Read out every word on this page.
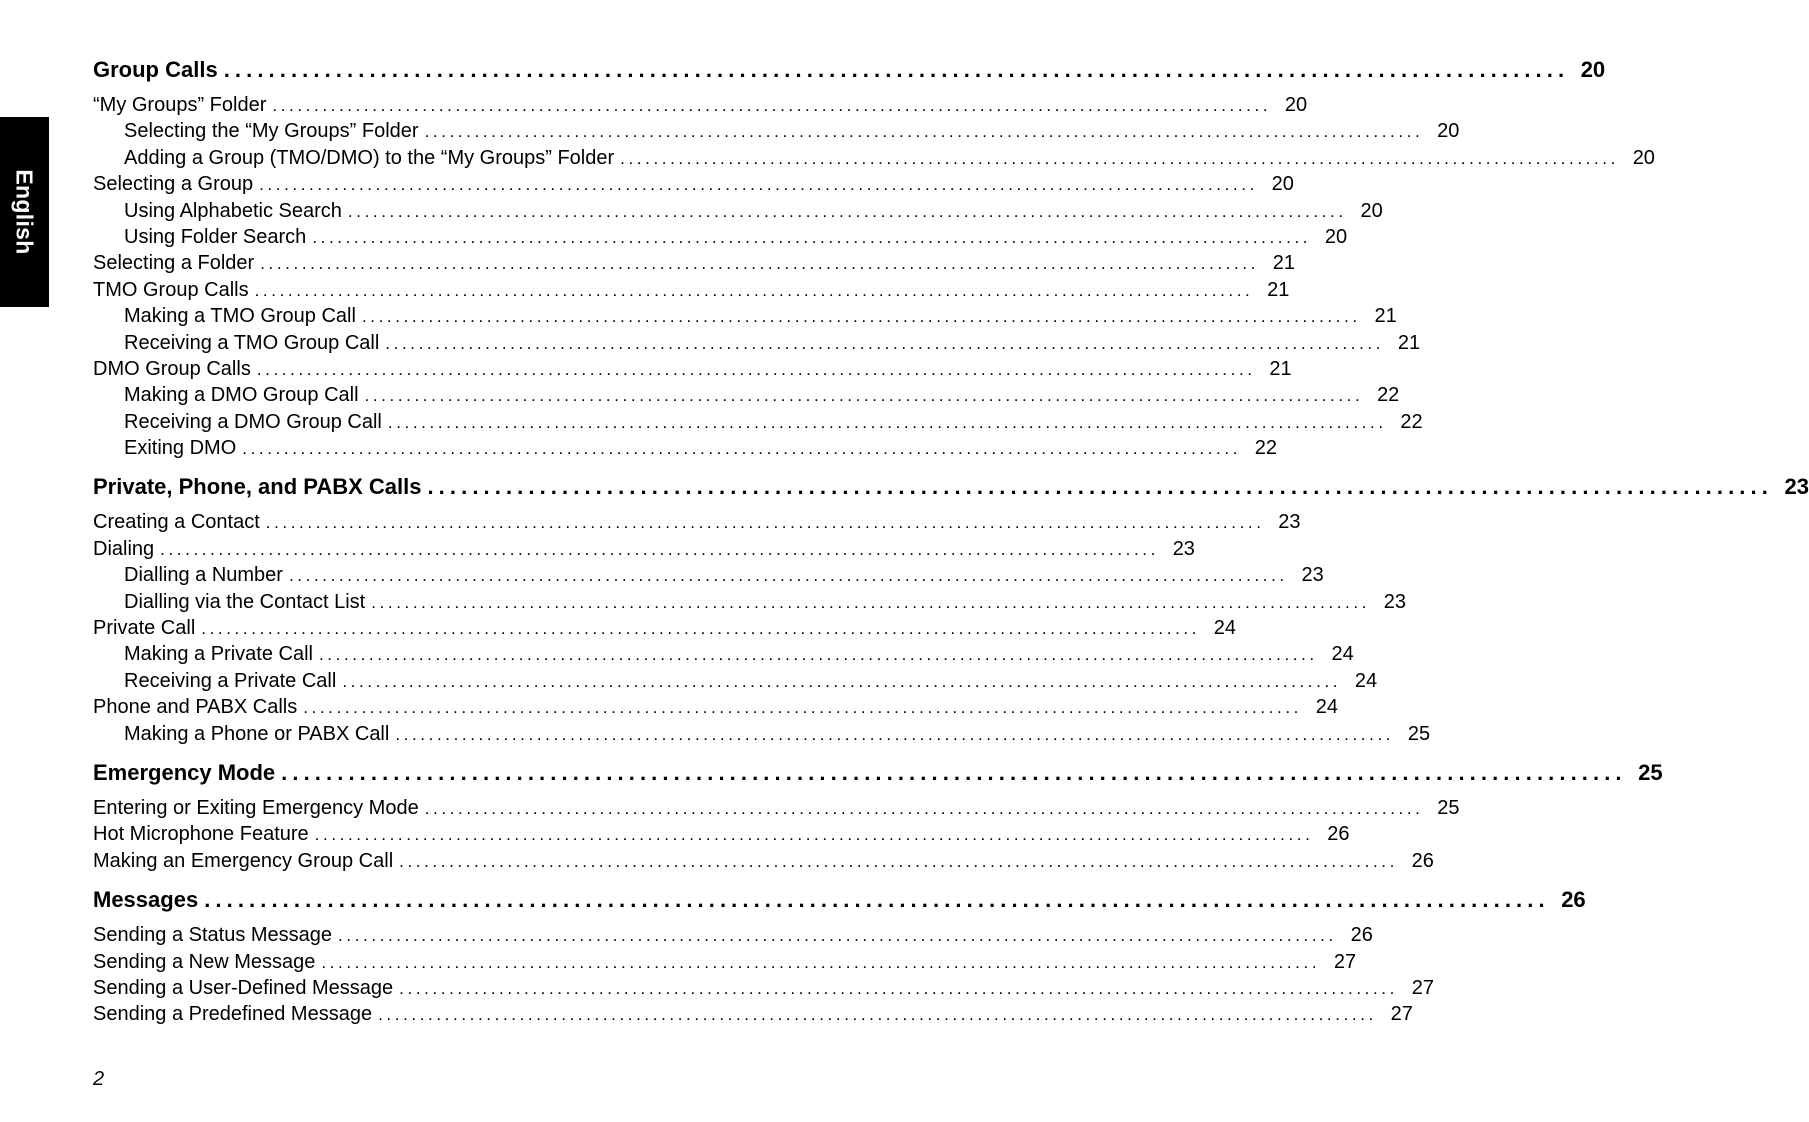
English
Group Calls ........................................................................................................................ 20
“My Groups” Folder ........................................................................................................................ 20
Selecting the “My Groups” Folder ........................................................................................................................ 20
Adding a Group (TMO/DMO) to the “My Groups” Folder ........................................................................................................................ 20
Selecting a Group ........................................................................................................................ 20
Using Alphabetic Search ........................................................................................................................ 20
Using Folder Search ........................................................................................................................ 20
Selecting a Folder ........................................................................................................................ 21
TMO Group Calls ........................................................................................................................ 21
Making a TMO Group Call ........................................................................................................................ 21
Receiving a TMO Group Call ........................................................................................................................ 21
DMO Group Calls ........................................................................................................................ 21
Making a DMO Group Call ........................................................................................................................ 22
Receiving a DMO Group Call ........................................................................................................................ 22
Exiting DMO ........................................................................................................................ 22
Private, Phone, and PABX Calls ........................................................................................................................ 23
Creating a Contact ........................................................................................................................ 23
Dialing ........................................................................................................................ 23
Dialling a Number ........................................................................................................................ 23
Dialling via the Contact List ........................................................................................................................ 23
Private Call ........................................................................................................................ 24
Making a Private Call ........................................................................................................................ 24
Receiving a Private Call ........................................................................................................................ 24
Phone and PABX Calls ........................................................................................................................ 24
Making a Phone or PABX Call ........................................................................................................................ 25
Emergency Mode ........................................................................................................................ 25
Entering or Exiting Emergency Mode ........................................................................................................................ 25
Hot Microphone Feature ........................................................................................................................ 26
Making an Emergency Group Call ........................................................................................................................ 26
Messages ........................................................................................................................ 26
Sending a Status Message ........................................................................................................................ 26
Sending a New Message ........................................................................................................................ 27
Sending a User-Defined Message ........................................................................................................................ 27
Sending a Predefined Message ........................................................................................................................ 27
2
